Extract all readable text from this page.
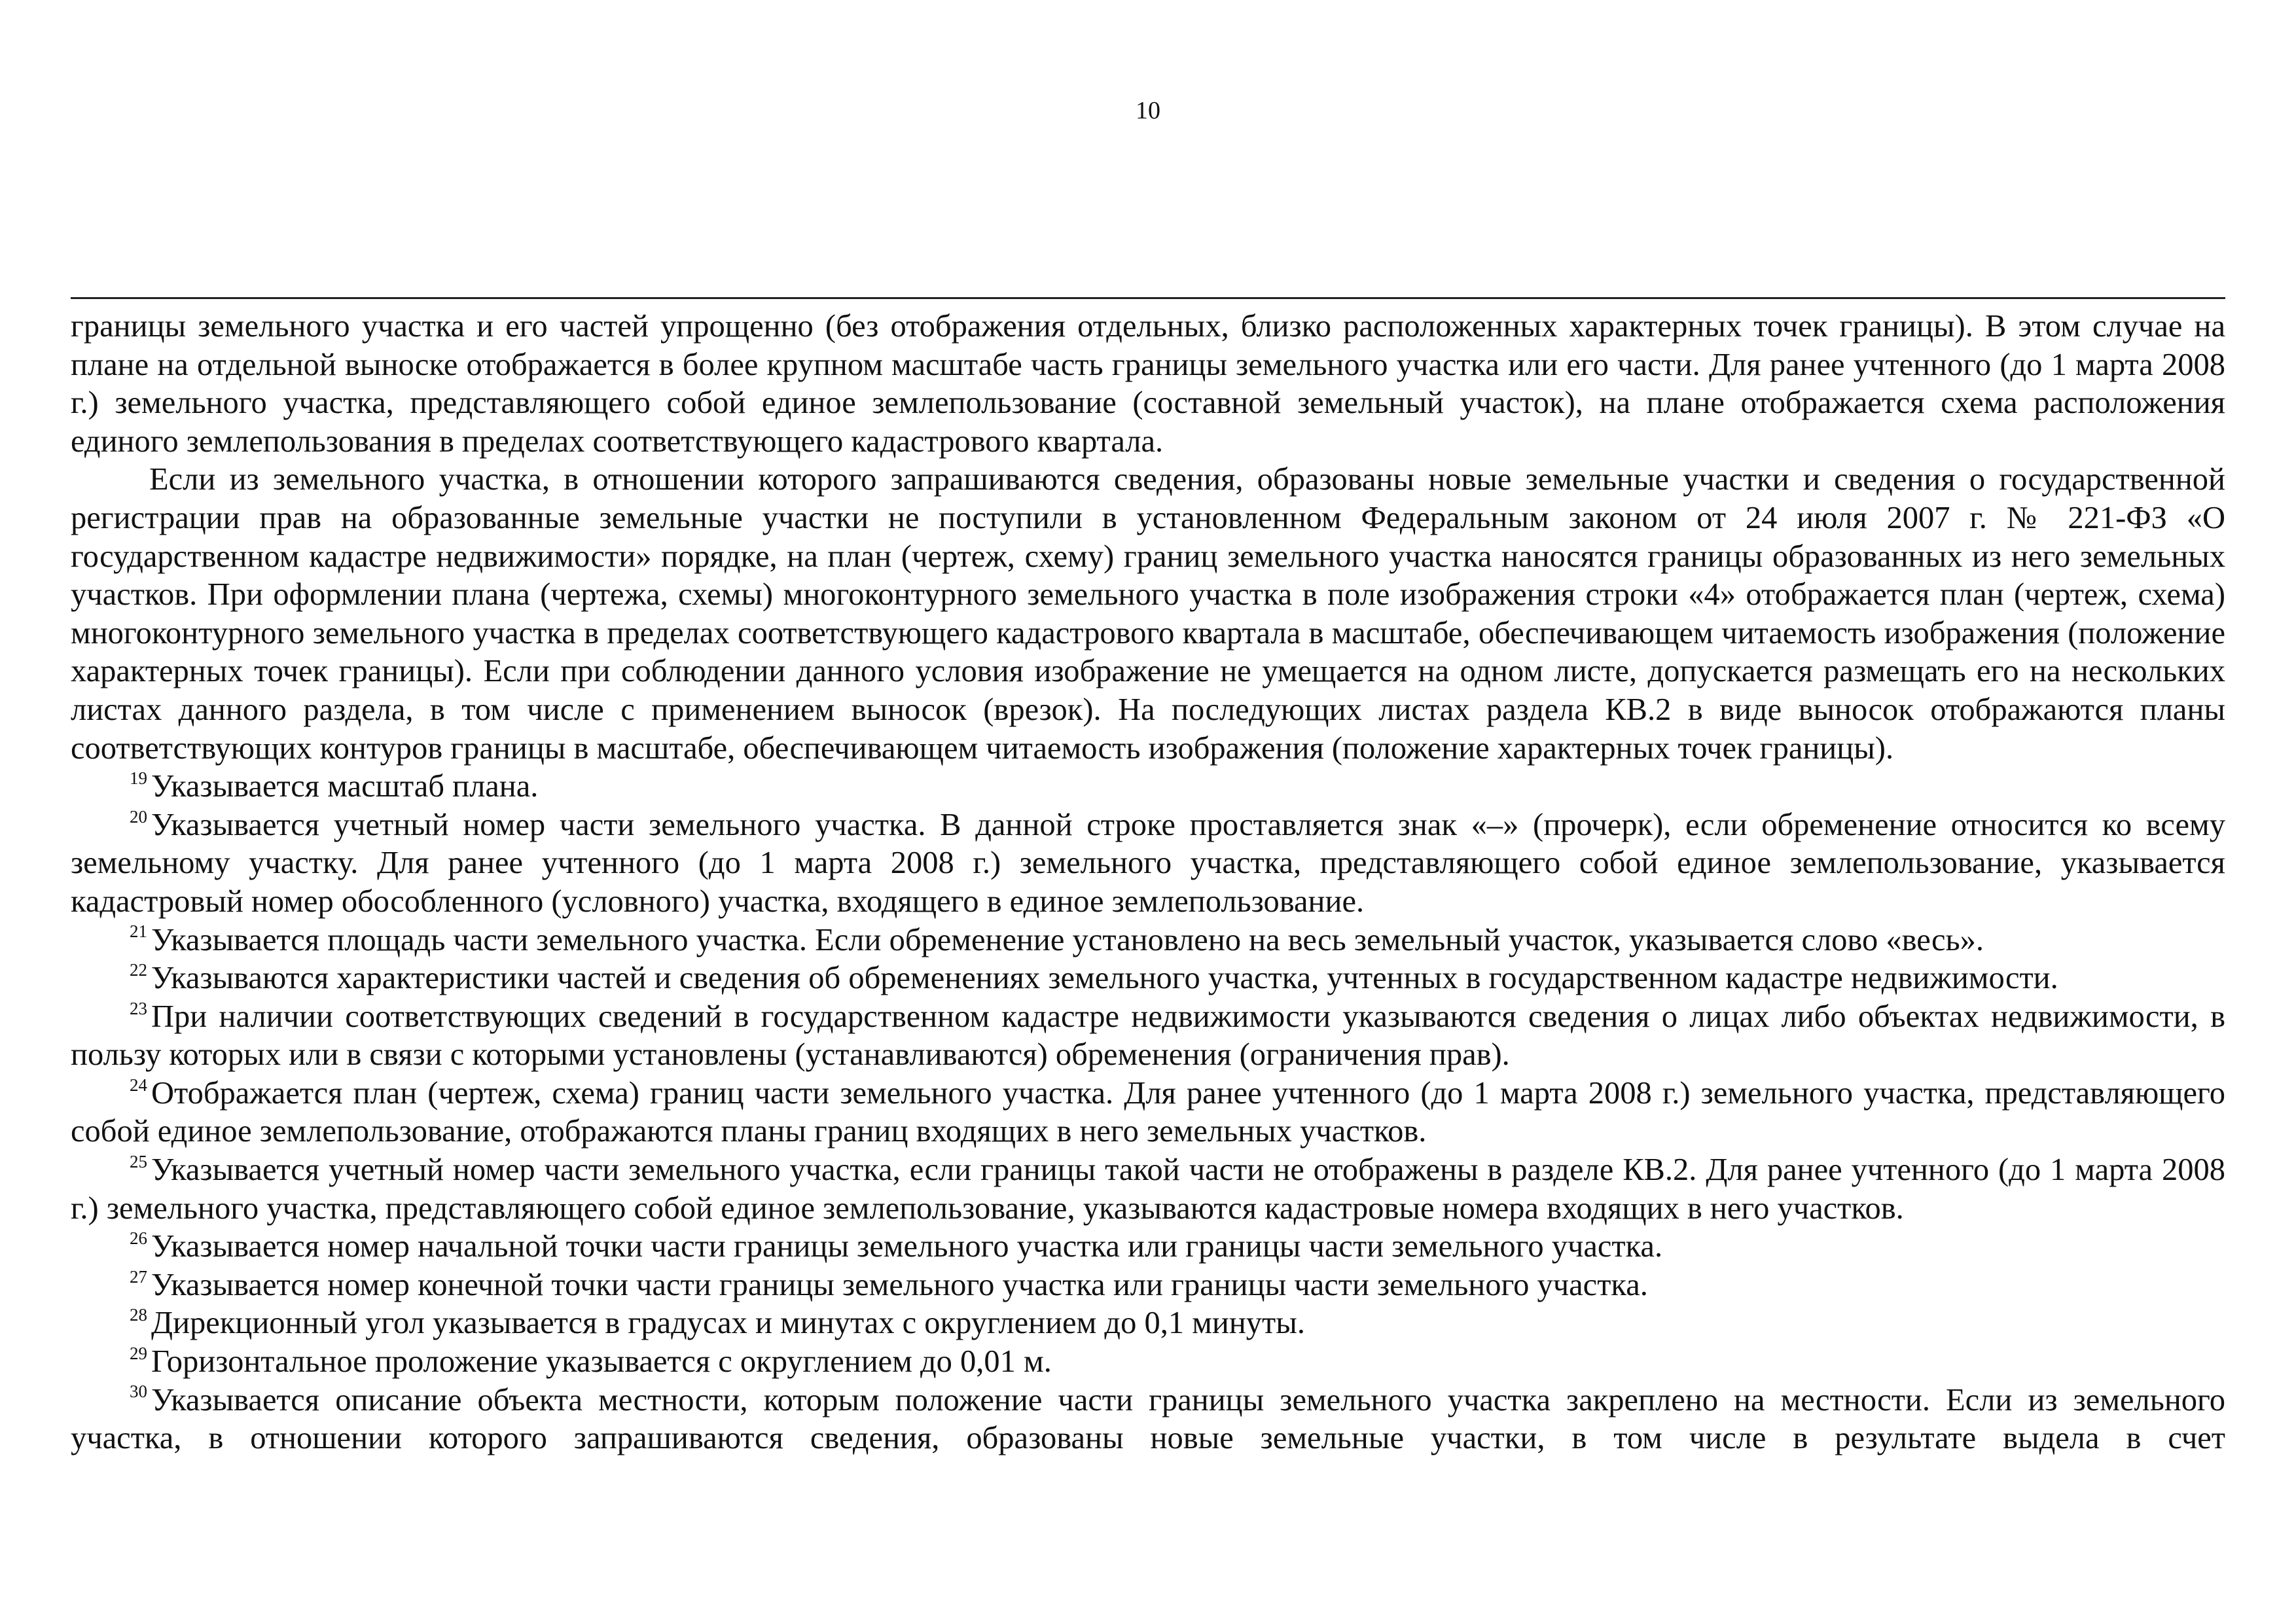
10

границы земельного участка и его частей упрощенно (без отображения отдельных, близко расположенных характерных точек границы). В этом случае на плане на отдельной выноске отображается в более крупном масштабе часть границы земельного участка или его части. Для ранее учтенного (до 1 марта 2008 г.) земельного участка, представляющего собой единое землепользование (составной земельный участок), на плане отображается схема расположения единого землепользования в пределах соответствующего кадастрового квартала.

Если из земельного участка, в отношении которого запрашиваются сведения, образованы новые земельные участки и сведения о государственной регистрации прав на образованные земельные участки не поступили в установленном Федеральным законом от 24 июля 2007 г. № 221-ФЗ «О государственном кадастре недвижимости» порядке, на план (чертеж, схему) границ земельного участка наносятся границы образованных из него земельных участков. При оформлении плана (чертежа, схемы) многоконтурного земельного участка в поле изображения строки «4» отображается план (чертеж, схема) многоконтурного земельного участка в пределах соответствующего кадастрового квартала в масштабе, обеспечивающем читаемость изображения (положение характерных точек границы). Если при соблюдении данного условия изображение не умещается на одном листе, допускается размещать его на нескольких листах данного раздела, в том числе с применением выносок (врезок). На последующих листах раздела КВ.2 в виде выносок отображаются планы соответствующих контуров границы в масштабе, обеспечивающем читаемость изображения (положение характерных точек границы).

$^{19}$ Указывается масштаб плана.

$^{20}$ Указывается учетный номер части земельного участка. В данной строке проставляется знак «–» (прочерк), если обременение относится ко всему земельному участку. Для ранее учтенного (до 1 марта 2008 г.) земельного участка, представляющего собой единое землепользование, указывается кадастровый номер обособленного (условного) участка, входящего в единое землепользование.

$^{21}$ Указывается площадь части земельного участка. Если обременение установлено на весь земельный участок, указывается слово «весь».

$^{22}$ Указываются характеристики частей и сведения об обременениях земельного участка, учтенных в государственном кадастре недвижимости.

$^{23}$ При наличии соответствующих сведений в государственном кадастре недвижимости указываются сведения о лицах либо объектах недвижимости, в пользу которых или в связи с которыми установлены (устанавливаются) обременения (ограничения прав).

$^{24}$ Отображается план (чертеж, схема) границ части земельного участка. Для ранее учтенного (до 1 марта 2008 г.) земельного участка, представляющего собой единое землепользование, отображаются планы границ входящих в него земельных участков.

$^{25}$ Указывается учетный номер части земельного участка, если границы такой части не отображены в разделе КВ.2. Для ранее учтенного (до 1 марта 2008 г.) земельного участка, представляющего собой единое землепользование, указываются кадастровые номера входящих в него участков.

$^{26}$ Указывается номер начальной точки части границы земельного участка или границы части земельного участка.

$^{27}$ Указывается номер конечной точки части границы земельного участка или границы части земельного участка.

$^{28}$ Дирекционный угол указывается в градусах и минутах с округлением до 0,1 минуты.

$^{29}$ Горизонтальное проложение указывается с округлением до 0,01 м.

$^{30}$ Указывается описание объекта местности, которым положение части границы земельного участка закреплено на местности. Если из земельного участка, в отношении которого запрашиваются сведения, образованы новые земельные участки, в том числе в результате выдела в счет
